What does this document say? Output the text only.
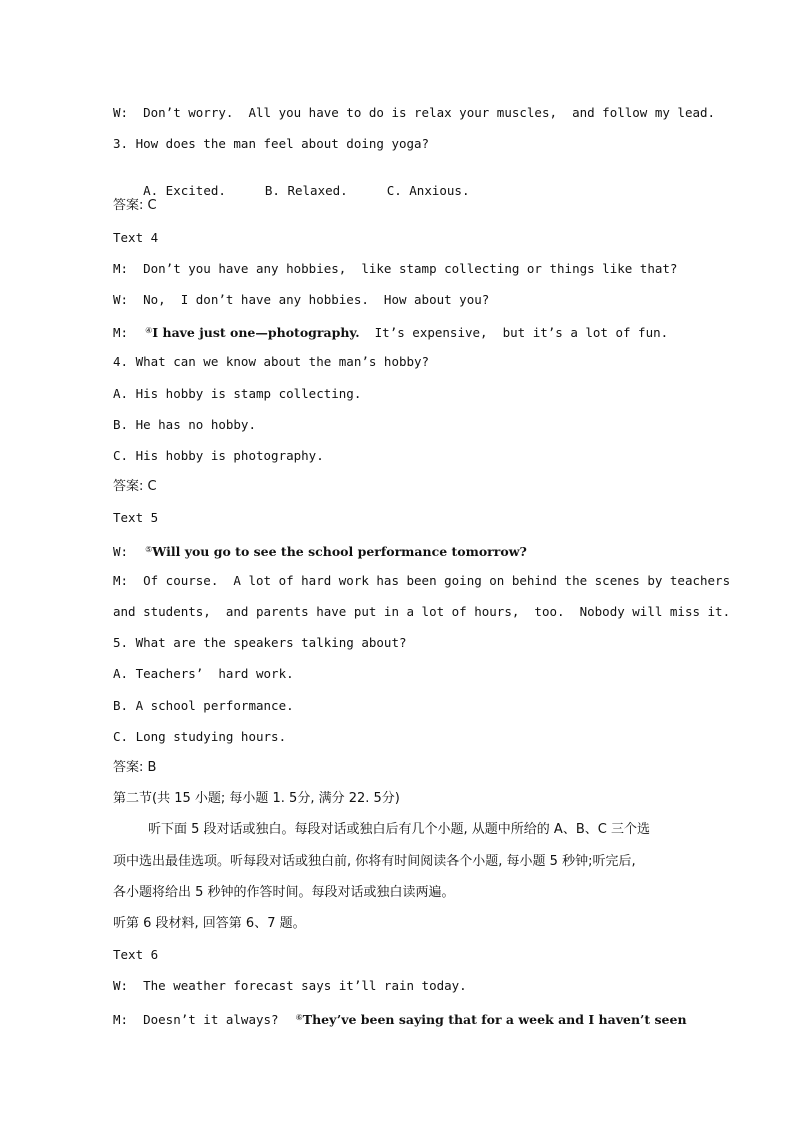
W:  Don’t worry.  All you have to do is relax your muscles,  and follow my lead.
3. How does the man feel about doing yoga?

A. Excited.	B. Relaxed.	C. Anxious.

答案: C
Text 4
M:  Don’t you have any hobbies,  like stamp collecting or things like that?
W:  No,  I don’t have any hobbies.  How about you?
M:  ④I have just one—photography.  It’s expensive,  but it’s a lot of fun.
4. What can we know about the man’s hobby?
A. His hobby is stamp collecting.
B. He has no hobby.
C. His hobby is photography.
答案: C
Text 5
W:  ⑤Will you go to see the school performance tomorrow?
M:  Of course.  A lot of hard work has been going on behind the scenes by teachers
and students,  and parents have put in a lot of hours,  too.  Nobody will miss it.
5. What are the speakers talking about?
A. Teachers’  hard work.
B. A school performance.
C. Long studying hours.
答案: B
第二节(共 15 小题; 每小题 1. 5分, 满分 22. 5分)
听下面 5 段对话或独白。每段对话或独白后有几个小题, 从题中所给的 A、B、C 三个选
项中选出最佳选项。听每段对话或独白前, 你将有时间阅读各个小题, 每小题 5 秒钟;听完后,
各小题将给出 5 秒钟的作答时间。每段对话或独白读两遍。
听第 6 段材料, 回答第 6、7 题。
Text 6
W:  The weather forecast says it’ll rain today.
M:  Doesn’t it always?  ⑥They’ve been saying that for a week and I haven’t seen
